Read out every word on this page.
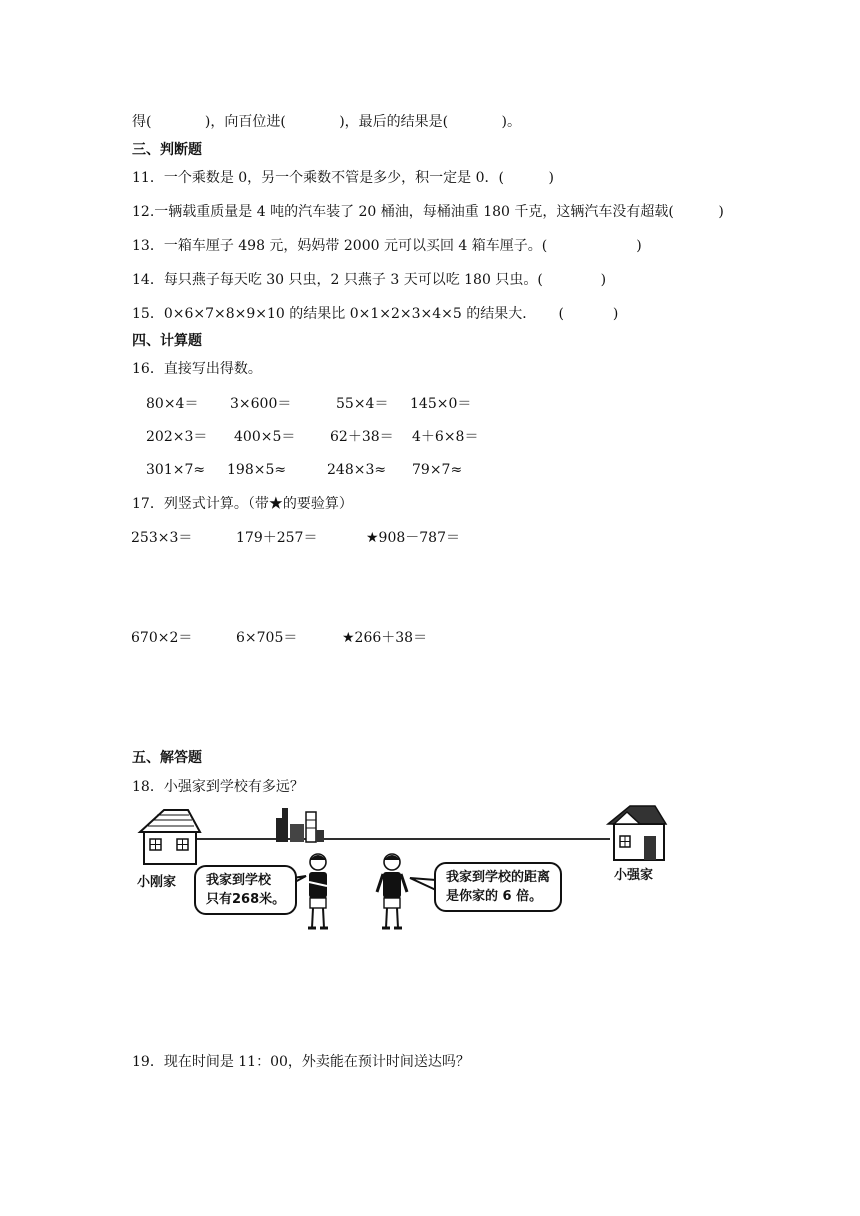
得(            )，向百位进(            )，最后的结果是(            )。
三、判断题
11．一个乘数是 0，另一个乘数不管是多少，积一定是 0．(          )
12.一辆载重质量是 4 吨的汽车装了 20 桶油，每桶油重 180 千克，这辆汽车没有超载(          )
13．一箱车厘子 498 元，妈妈带 2000 元可以买回 4 箱车厘子。(                    )
14．每只燕子每天吃 30 只虫，2 只燕子 3 天可以吃 180 只虫。(             )
15．0×6×7×8×9×10 的结果比 0×1×2×3×4×5 的结果大．     (           )
四、计算题
16．直接写出得数。
80×4＝ 3×600＝	55×4＝ 145×0＝
202×3＝ 400×5＝ 62＋38＝ 4＋6×8＝
301×7≈ 198×5≈	248×3≈ 79×7≈
17．列竖式计算。（带★的要验算）
253×3＝	179＋257＝	★908－787＝
670×2＝	6×705＝	★266＋38＝
五、解答题
18．小强家到学校有多远？
小刚家	小强家
我家到学校
只有268米。
我家到学校的距离
是你家的 6 倍。
19．现在时间是 11：00，外卖能在预计时间送达吗？
